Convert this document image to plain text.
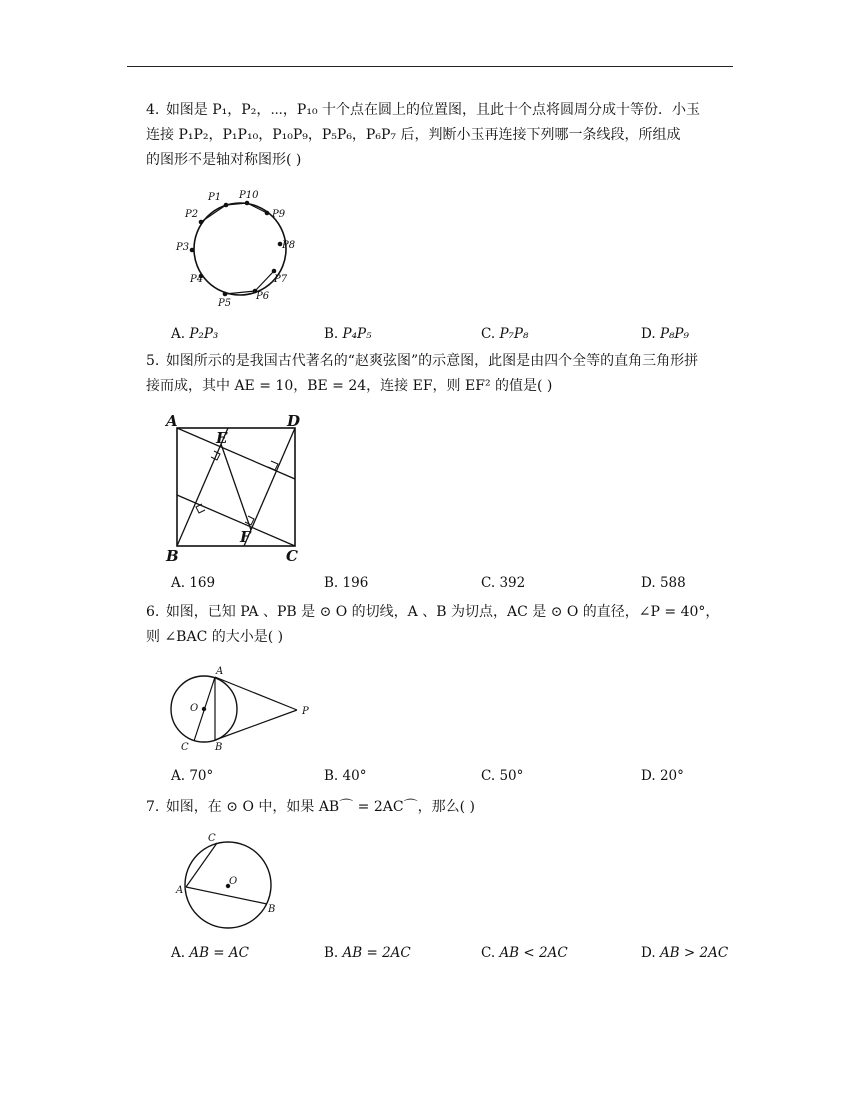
4. 如图是 P₁，P₂，⋯，P₁₀ 十个点在圆上的位置图，且此十个点将圆周分成十等份．小玉

连接 P₁P₂，P₁P₁₀，P₁₀P₉，P₅P₆，P₆P₇ 后，判断小玉再连接下列哪一条线段，所组成

的图形不是轴对称图形( )

P1 P10
P2	P9
P3	P8
P4	P7
P5
P6
A. P₂P₃	B. P₄P₅	C. P₇P₈	D. P₈P₉

5. 如图所示的是我国古代著名的“赵爽弦图”的示意图，此图是由四个全等的直角三角形拼

接而成，其中 AE = 10，BE = 24，连接 EF，则 EF² 的值是( )

A
E
D
B
F
C
A. 169	B. 196	C. 392	D. 588

6. 如图，已知 PA 、PB 是 ⊙ O 的切线，A 、B 为切点，AC 是 ⊙ O 的直径，∠P = 40°，

则 ∠BAC 的大小是( )

A
O	P
C	B
A. 70°	B. 40°	C. 50°	D. 20°

7. 如图，在 ⊙ O 中，如果 AB⌒ = 2AC⌒，那么( )

C
O
A
B
A. AB = AC	B. AB = 2AC	C. AB < 2AC	D. AB > 2AC
